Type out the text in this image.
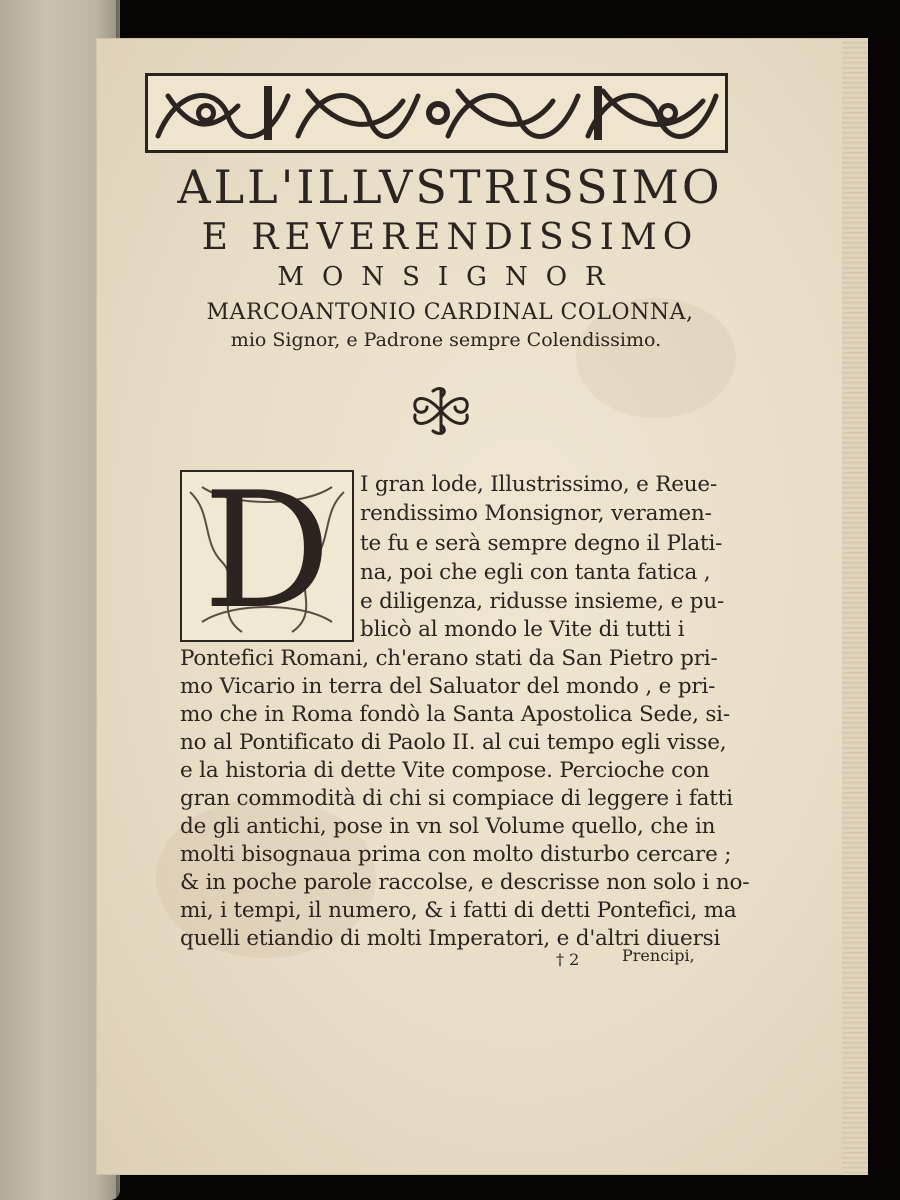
ALL'ILLVSTRISSIMO
E REVERENDISSIMO
MONSIGNOR
MARCOANTONIO CARDINAL COLONNA,
mio Signor, e Padrone sempre Colendissimo.
D	I gran lode, Illustrissimo, e Reue-
rendissimo Monsignor, veramen-
te fu e serà sempre degno il Plati-
na, poi che egli con tanta fatica ,
e diligenza, ridusse insieme, e pu-
blicò al mondo le Vite di tutti i
Pontefici Romani, ch'erano stati da San Pietro pri-
mo Vicario in terra del Saluator del mondo , e pri-
mo che in Roma fondò la Santa Apostolica Sede, si-
no al Pontificato di Paolo II. al cui tempo egli visse,
e la historia di dette Vite compose. Percioche con
gran commodità di chi si compiace di leggere i fatti
de gli antichi, pose in vn sol Volume quello, che in
molti bisognaua prima con molto disturbo cercare ;
& in poche parole raccolse, e descrisse non solo i no-
mi, i tempi, il numero, & i fatti di detti Pontefici, ma
quelli etiandio di molti Imperatori, e d'altri diuersi
† 2	Prencipi,
